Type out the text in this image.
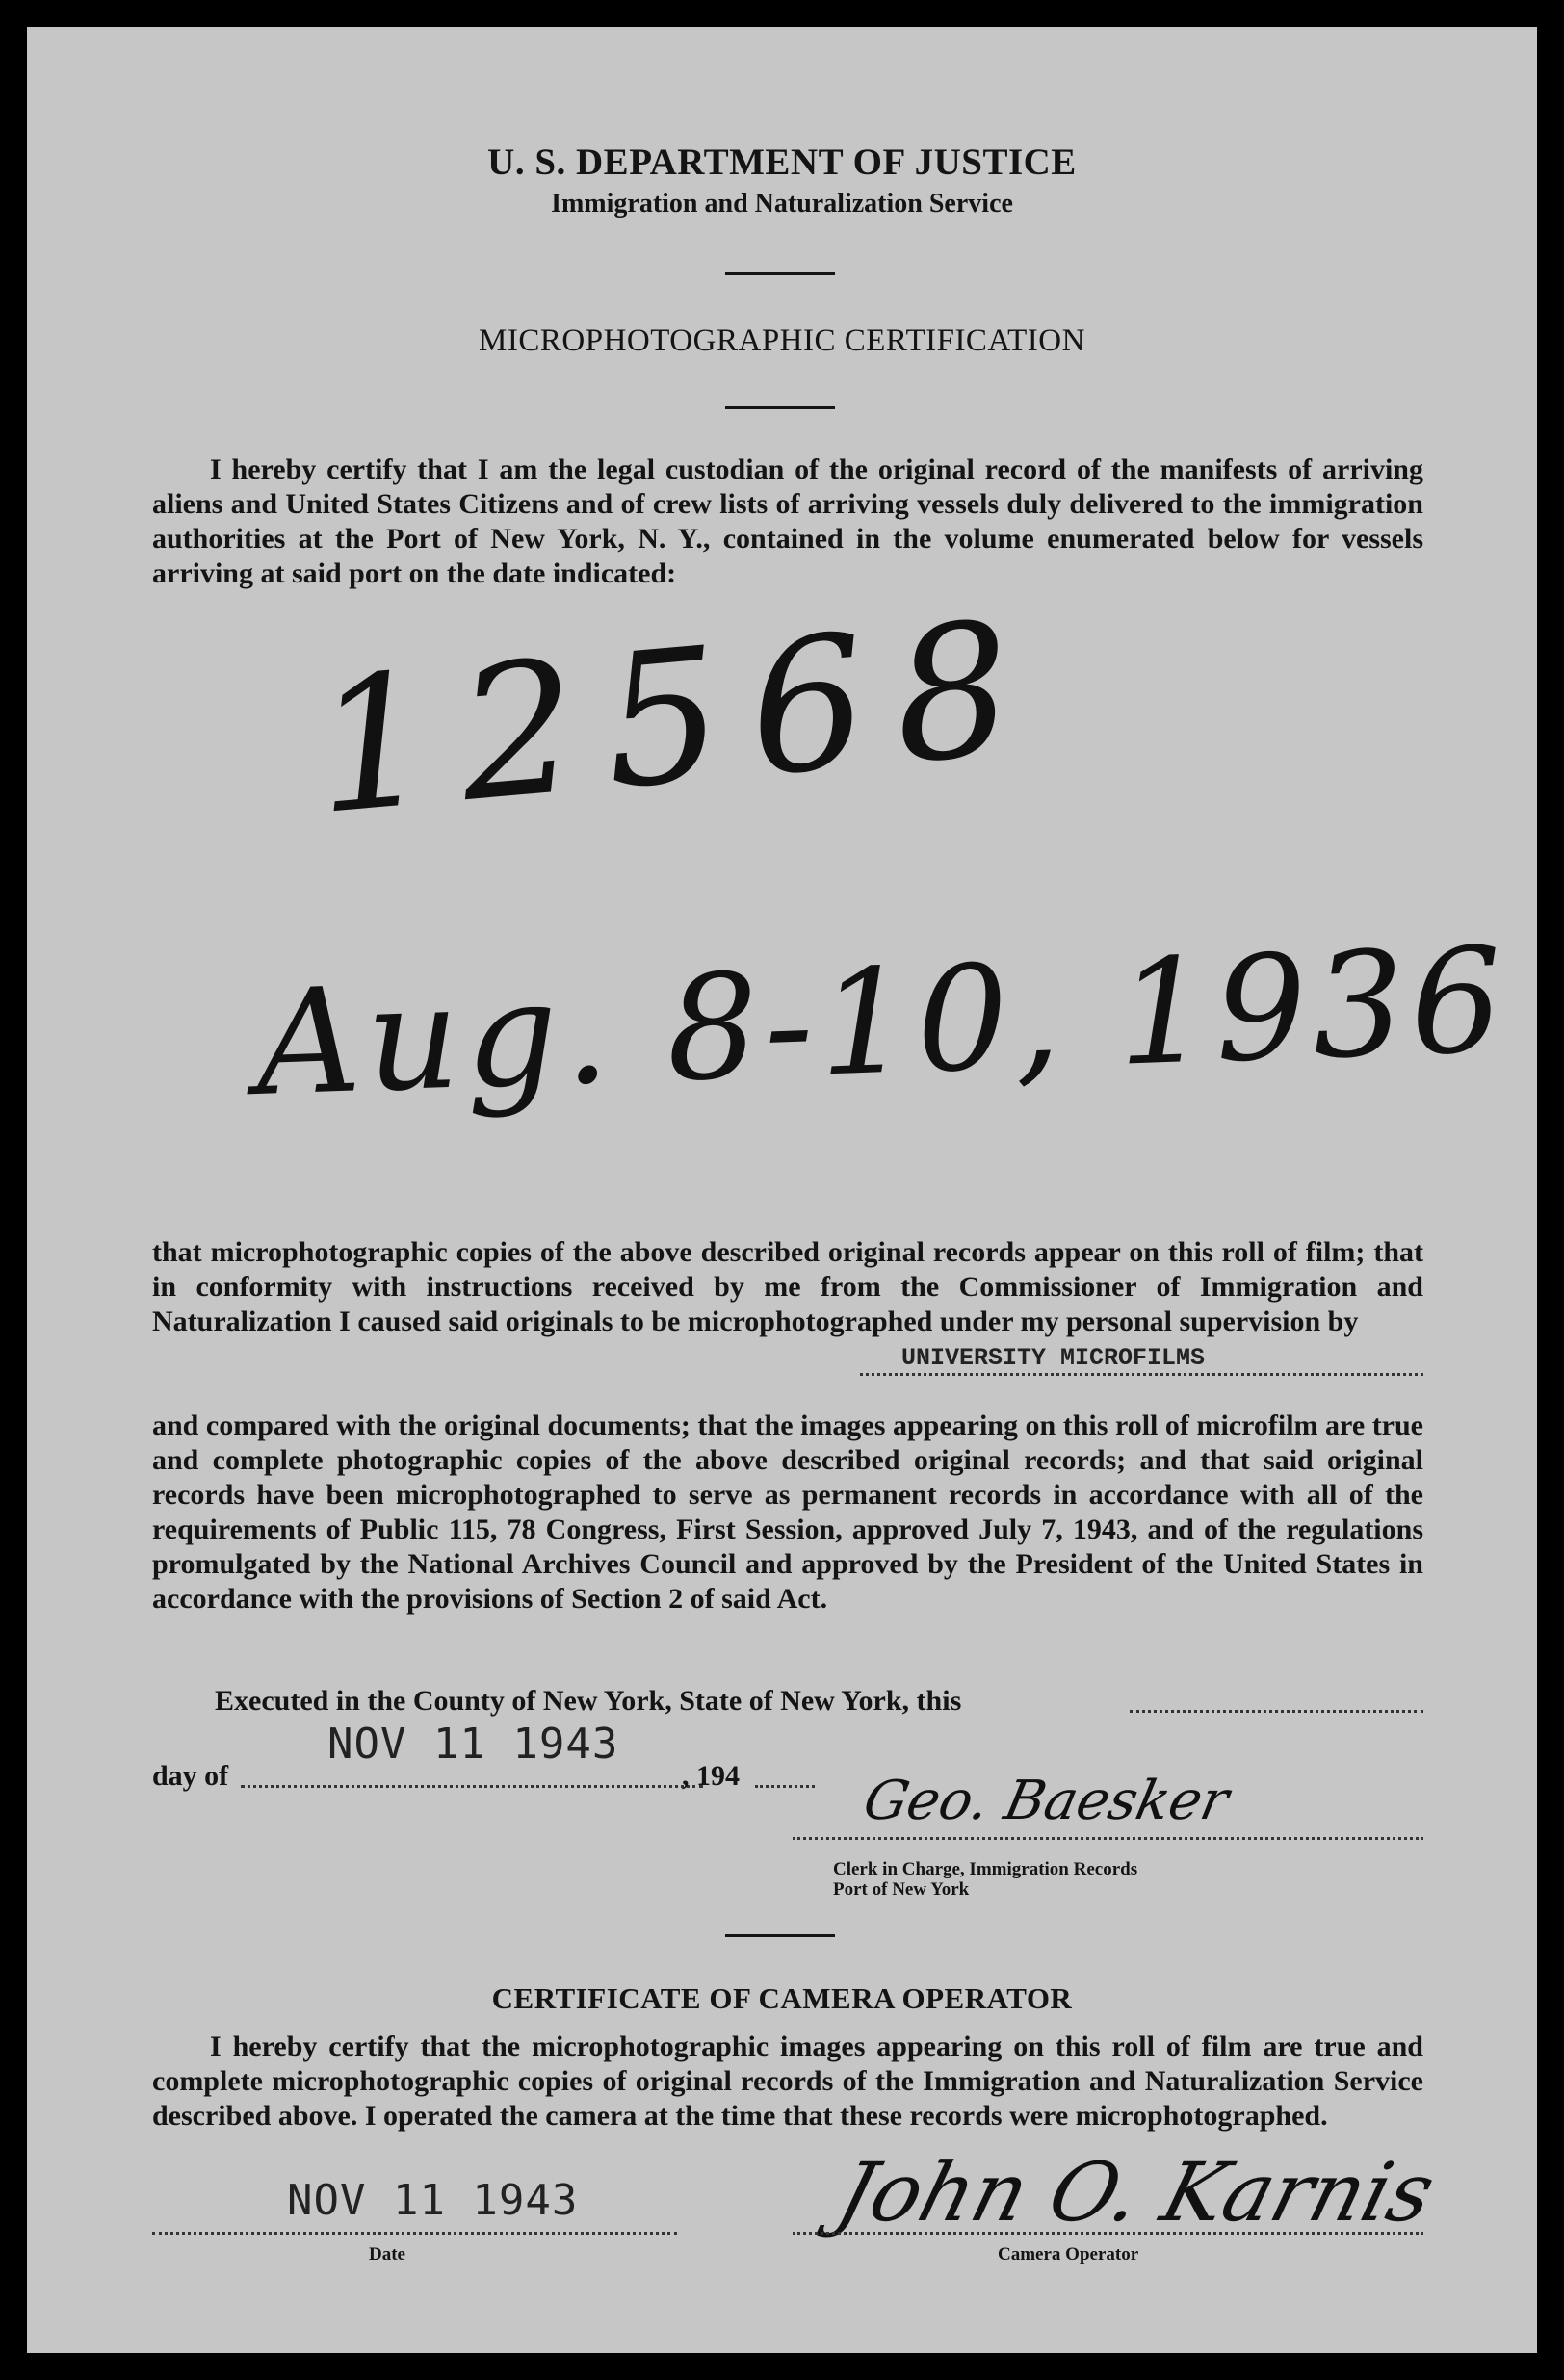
U. S. DEPARTMENT OF JUSTICE
Immigration and Naturalization Service
MICROPHOTOGRAPHIC CERTIFICATION
I hereby certify that I am the legal custodian of the original record of the manifests of arriving aliens and United States Citizens and of crew lists of arriving vessels duly delivered to the immigration authorities at the Port of New York, N. Y., contained in the volume enumerated below for vessels arriving at said port on the date indicated:
12568
Aug. 8-10, 1936
that microphotographic copies of the above described original records appear on this roll of film; that in conformity with instructions received by me from the Commissioner of Immigration and Naturalization I caused said originals to be microphotographed under my personal supervision by
UNIVERSITY MICROFILMS
and compared with the original documents; that the images appearing on this roll of microfilm are true and complete photographic copies of the above described original records; and that said original records have been microphotographed to serve as permanent records in accordance with all of the requirements of Public 115, 78 Congress, First Session, approved July 7, 1943, and of the regulations promulgated by the National Archives Council and approved by the President of the United States in accordance with the provisions of Section 2 of said Act.
Executed in the County of New York, State of New York, this
day of
NOV 11 1943
, 194 Geo. Baesker
Clerk in Charge, Immigration Records
Port of New York
CERTIFICATE OF CAMERA OPERATOR
I hereby certify that the microphotographic images appearing on this roll of film are true and complete microphotographic copies of original records of the Immigration and Naturalization Service described above. I operated the camera at the time that these records were microphotographed.
NOV 11 1943
Date
John O. Karnis
Camera Operator
